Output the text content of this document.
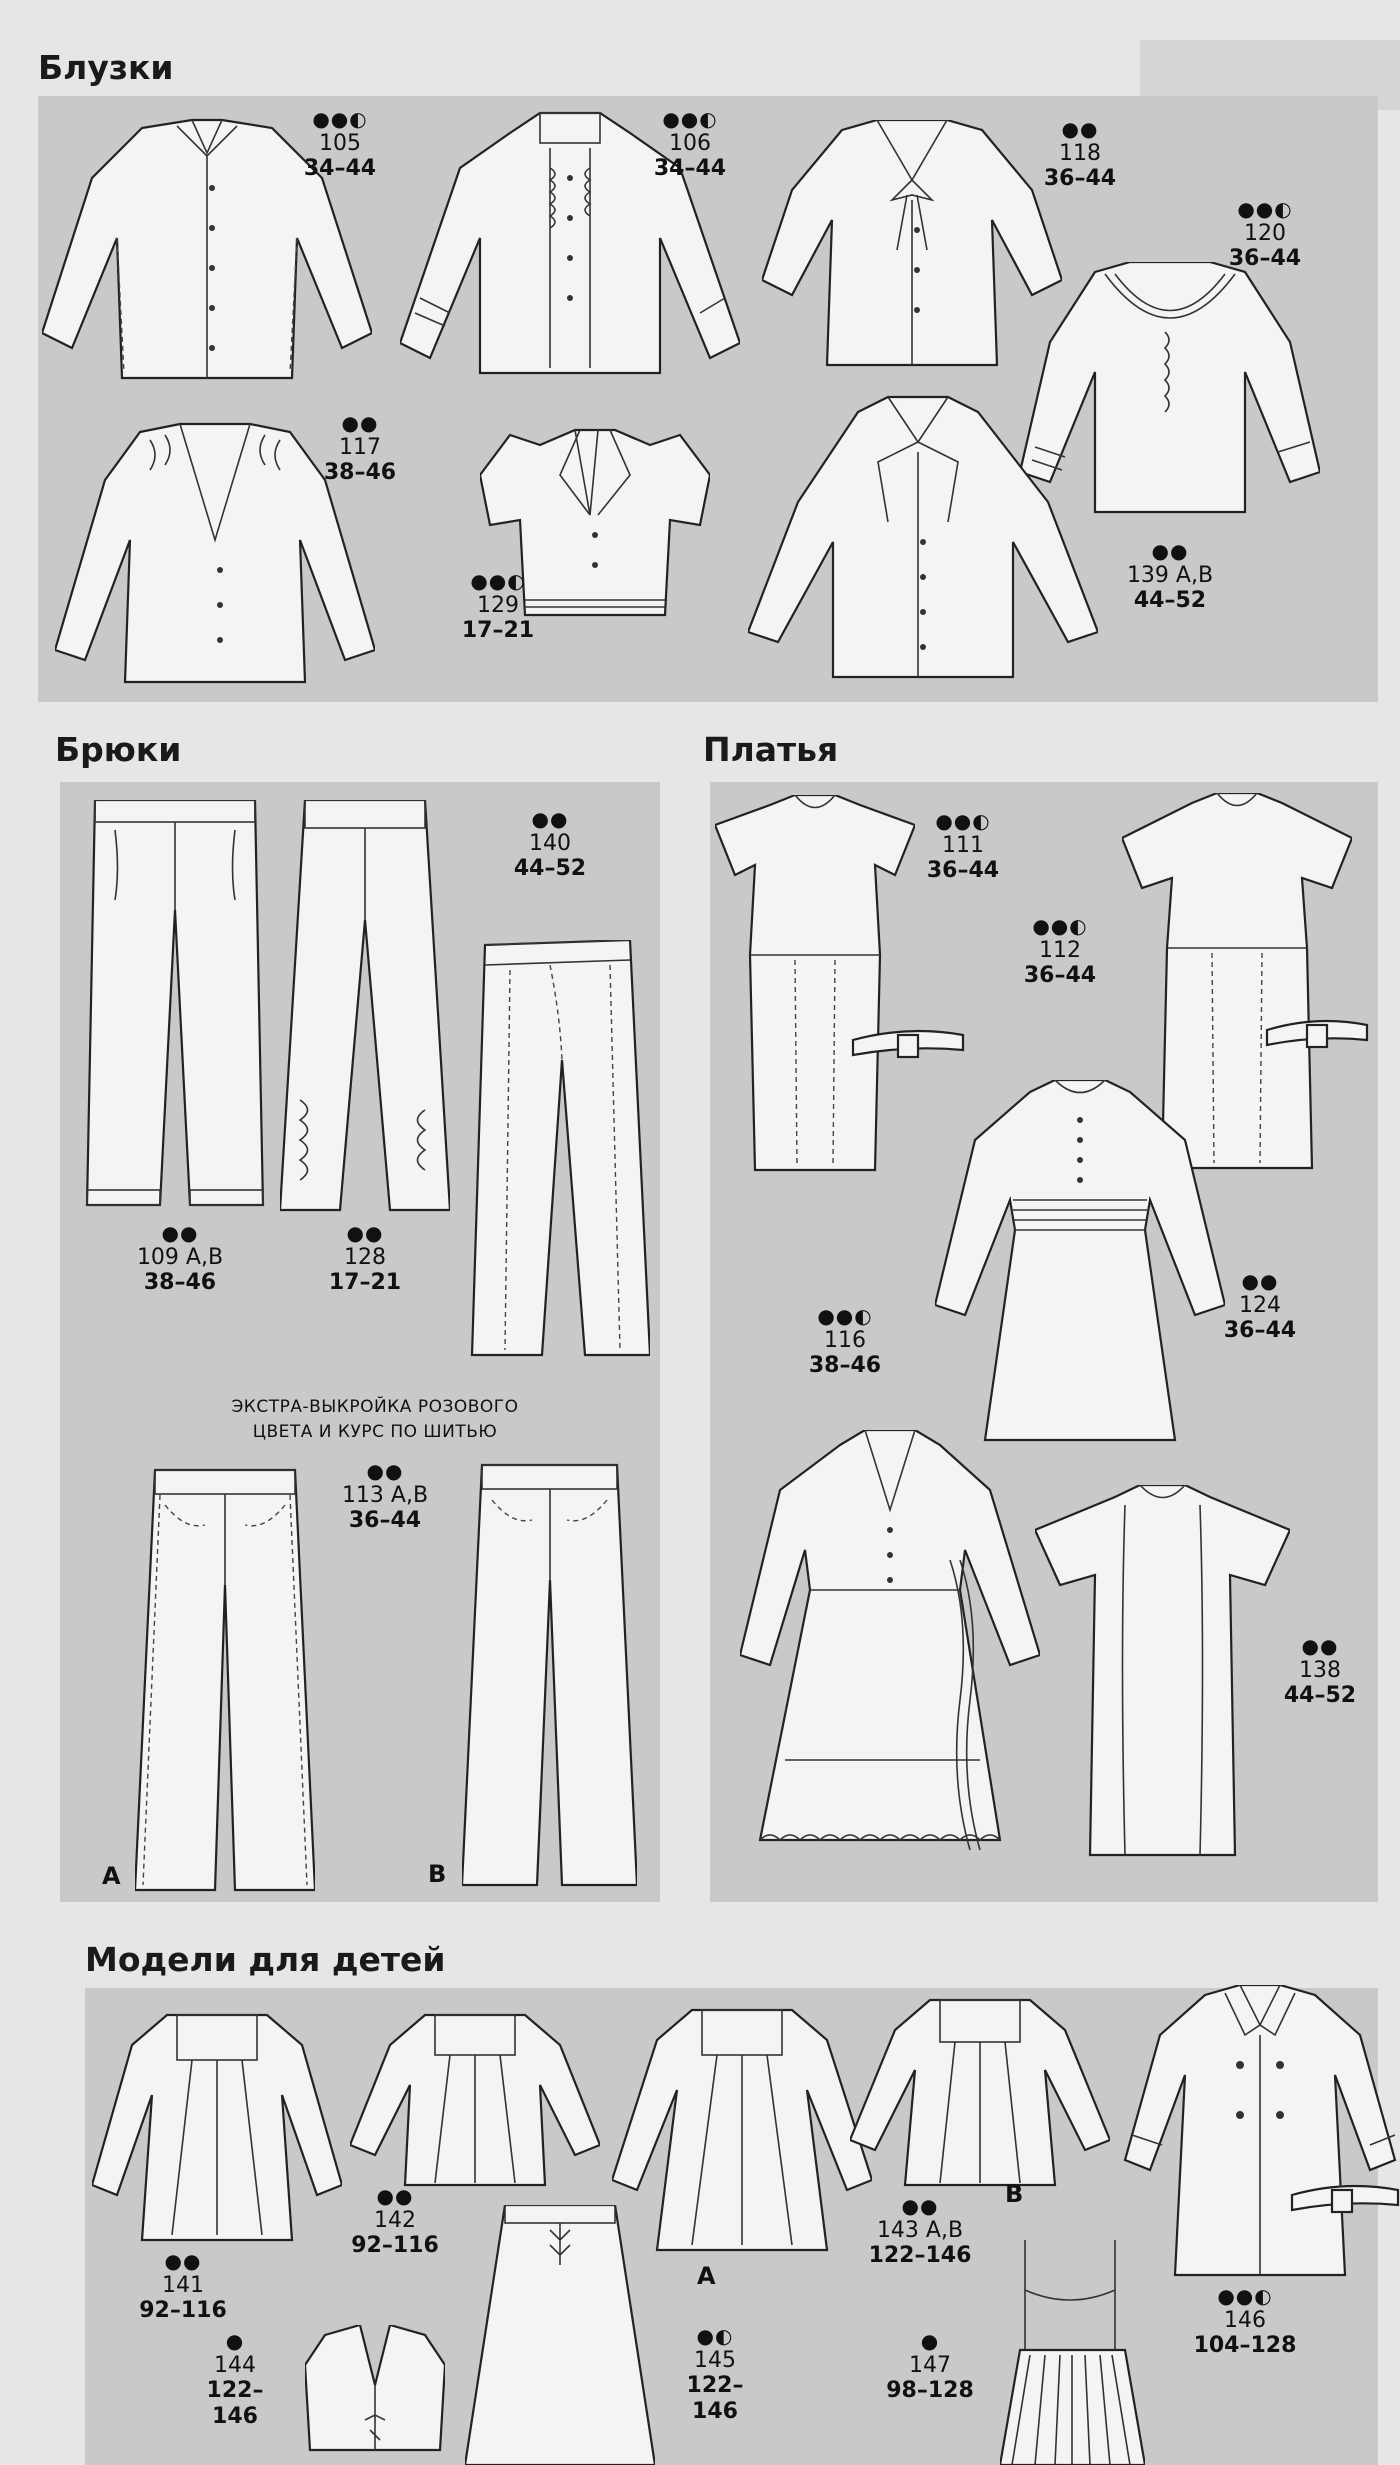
Блузки
●●◐
105
34–44
●●◐
106
34–44
●●
118
36–44
●●◐
120
36–44
●●
117
38–46
●●◐
129
17–21
●●
139 A,B
44–52
Брюки
●●
109 A,B
38–46
●●
128
17–21
●●
140
44–52
ЭКСТРА-ВЫКРОЙКА РОЗОВОГО
ЦВЕТА И КУРС ПО ШИТЬЮ
A
●●
113 A,B
36–44
B
Платья
●●◐
111
36–44
●●◐
112
36–44
●●
124
36–44
●●◐
116
38–46
●●
138
44–52
Модели для детей
●●
141
92–116
●●
142
92–116
A
B
●●
143 A,B
122–146
●●◐
146
104–128
●
144
122–146
●◐
145
122–146
●
147
98–128
